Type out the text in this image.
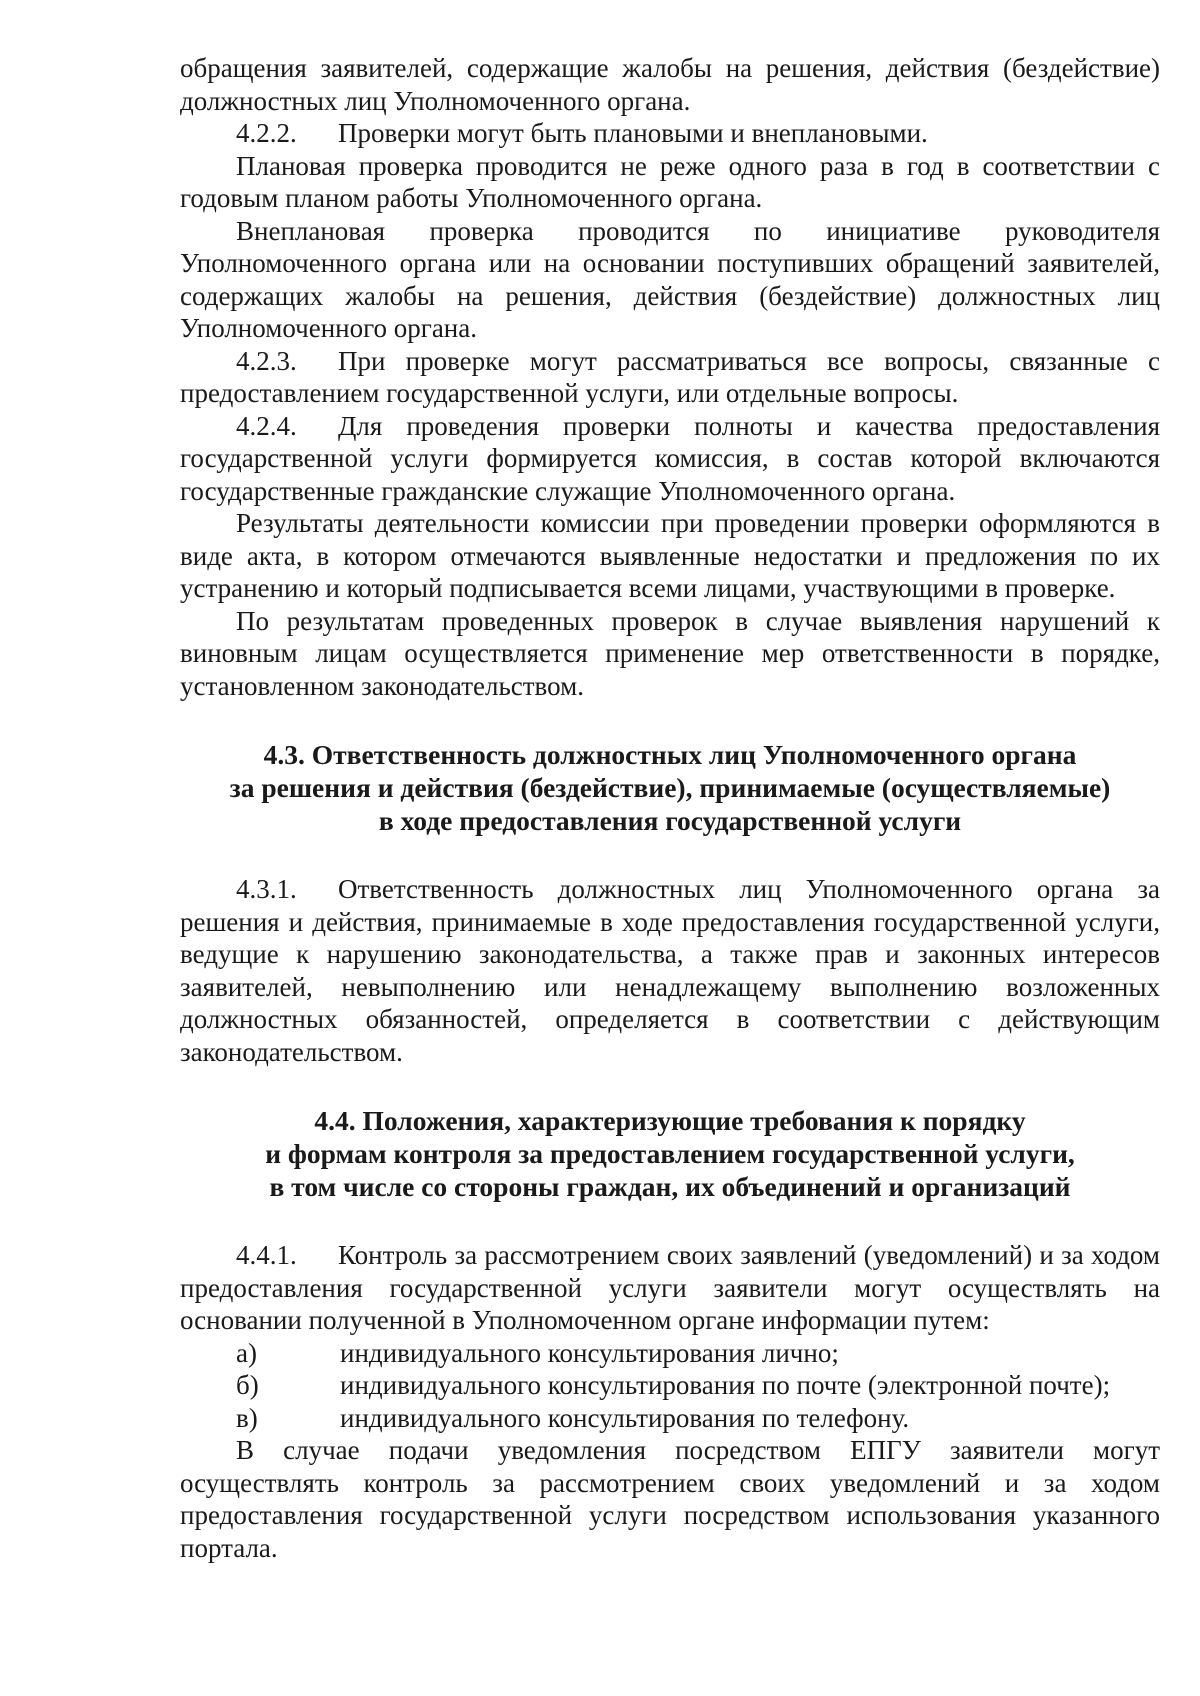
обращения заявителей, содержащие жалобы на решения, действия (бездействие) должностных лиц Уполномоченного органа.

4.2.2. Проверки могут быть плановыми и внеплановыми.

Плановая проверка проводится не реже одного раза в год в соответствии с годовым планом работы Уполномоченного органа.

Внеплановая проверка проводится по инициативе руководителя Уполномоченного органа или на основании поступивших обращений заявителей, содержащих жалобы на решения, действия (бездействие) должностных лиц Уполномоченного органа.

4.2.3. При проверке могут рассматриваться все вопросы, связанные с предоставлением государственной услуги, или отдельные вопросы.

4.2.4. Для проведения проверки полноты и качества предоставления государственной услуги формируется комиссия, в состав которой включаются государственные гражданские служащие Уполномоченного органа.

Результаты деятельности комиссии при проведении проверки оформляются в виде акта, в котором отмечаются выявленные недостатки и предложения по их устранению и который подписывается всеми лицами, участвующими в проверке.

По результатам проведенных проверок в случае выявления нарушений к виновным лицам осуществляется применение мер ответственности в порядке, установленном законодательством.

4.3. Ответственность должностных лиц Уполномоченного органа
за решения и действия (бездействие), принимаемые (осуществляемые)
в ходе предоставления государственной услуги

4.3.1. Ответственность должностных лиц Уполномоченного органа за решения и действия, принимаемые в ходе предоставления государственной услуги, ведущие к нарушению законодательства, а также прав и законных интересов заявителей, невыполнению или ненадлежащему выполнению возложенных должностных обязанностей, определяется в соответствии с действующим законодательством.

4.4. Положения, характеризующие требования к порядку
и формам контроля за предоставлением государственной услуги,
в том числе со стороны граждан, их объединений и организаций

4.4.1. Контроль за рассмотрением своих заявлений (уведомлений) и за ходом предоставления государственной услуги заявители могут осуществлять на основании полученной в Уполномоченном органе информации путем:

а)	индивидуального консультирования лично;

б)	индивидуального консультирования по почте (электронной почте);

в)	индивидуального консультирования по телефону.

В случае подачи уведомления посредством ЕПГУ заявители могут осуществлять контроль за рассмотрением своих уведомлений и за ходом предоставления государственной услуги посредством использования указанного портала.
